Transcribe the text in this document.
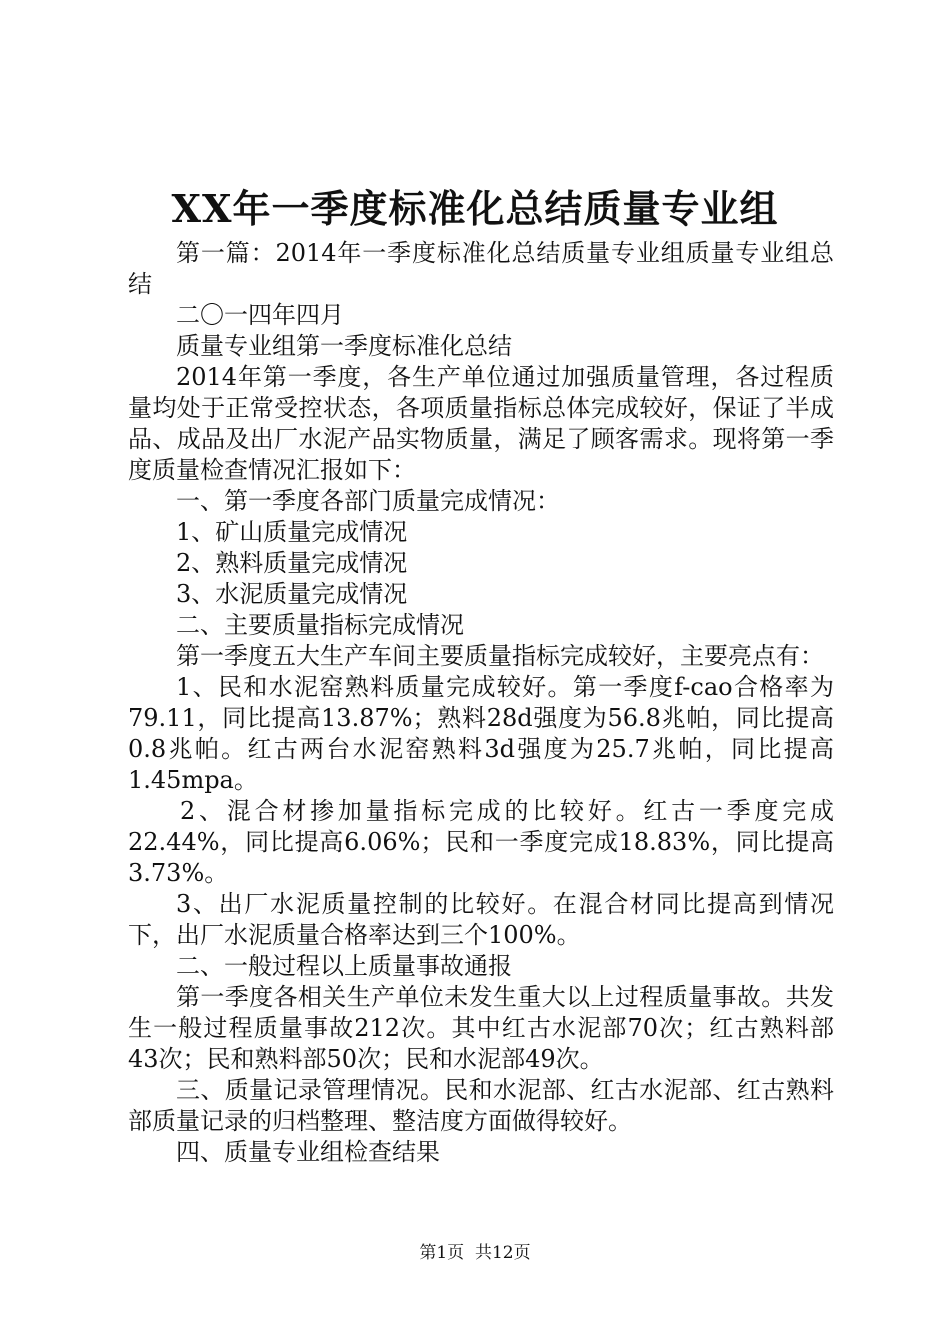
XX年一季度标准化总结质量专业组

第一篇：2014年一季度标准化总结质量专业组质量专业组总结

二〇一四年四月

质量专业组第一季度标准化总结

2014年第一季度，各生产单位通过加强质量管理，各过程质量均处于正常受控状态，各项质量指标总体完成较好，保证了半成品、成品及出厂水泥产品实物质量，满足了顾客需求。现将第一季度质量检查情况汇报如下：

一、第一季度各部门质量完成情况：

1、矿山质量完成情况

2、熟料质量完成情况

3、水泥质量完成情况

二、主要质量指标完成情况

第一季度五大生产车间主要质量指标完成较好，主要亮点有：

1、民和水泥窑熟料质量完成较好。第一季度f-cao合格率为79.11，同比提高13.87%；熟料28d强度为56.8兆帕，同比提高0.8兆帕。红古两台水泥窑熟料3d强度为25.7兆帕，同比提高1.45mpa。

2、混合材掺加量指标完成的比较好。红古一季度完成22.44%，同比提高6.06%；民和一季度完成18.83%，同比提高3.73%。

3、出厂水泥质量控制的比较好。在混合材同比提高到情况下，出厂水泥质量合格率达到三个100%。

二、一般过程以上质量事故通报

第一季度各相关生产单位未发生重大以上过程质量事故。共发生一般过程质量事故212次。其中红古水泥部70次；红古熟料部43次；民和熟料部50次；民和水泥部49次。

三、质量记录管理情况。民和水泥部、红古水泥部、红古熟料部质量记录的归档整理、整洁度方面做得较好。

四、质量专业组检查结果

第1页  共12页
